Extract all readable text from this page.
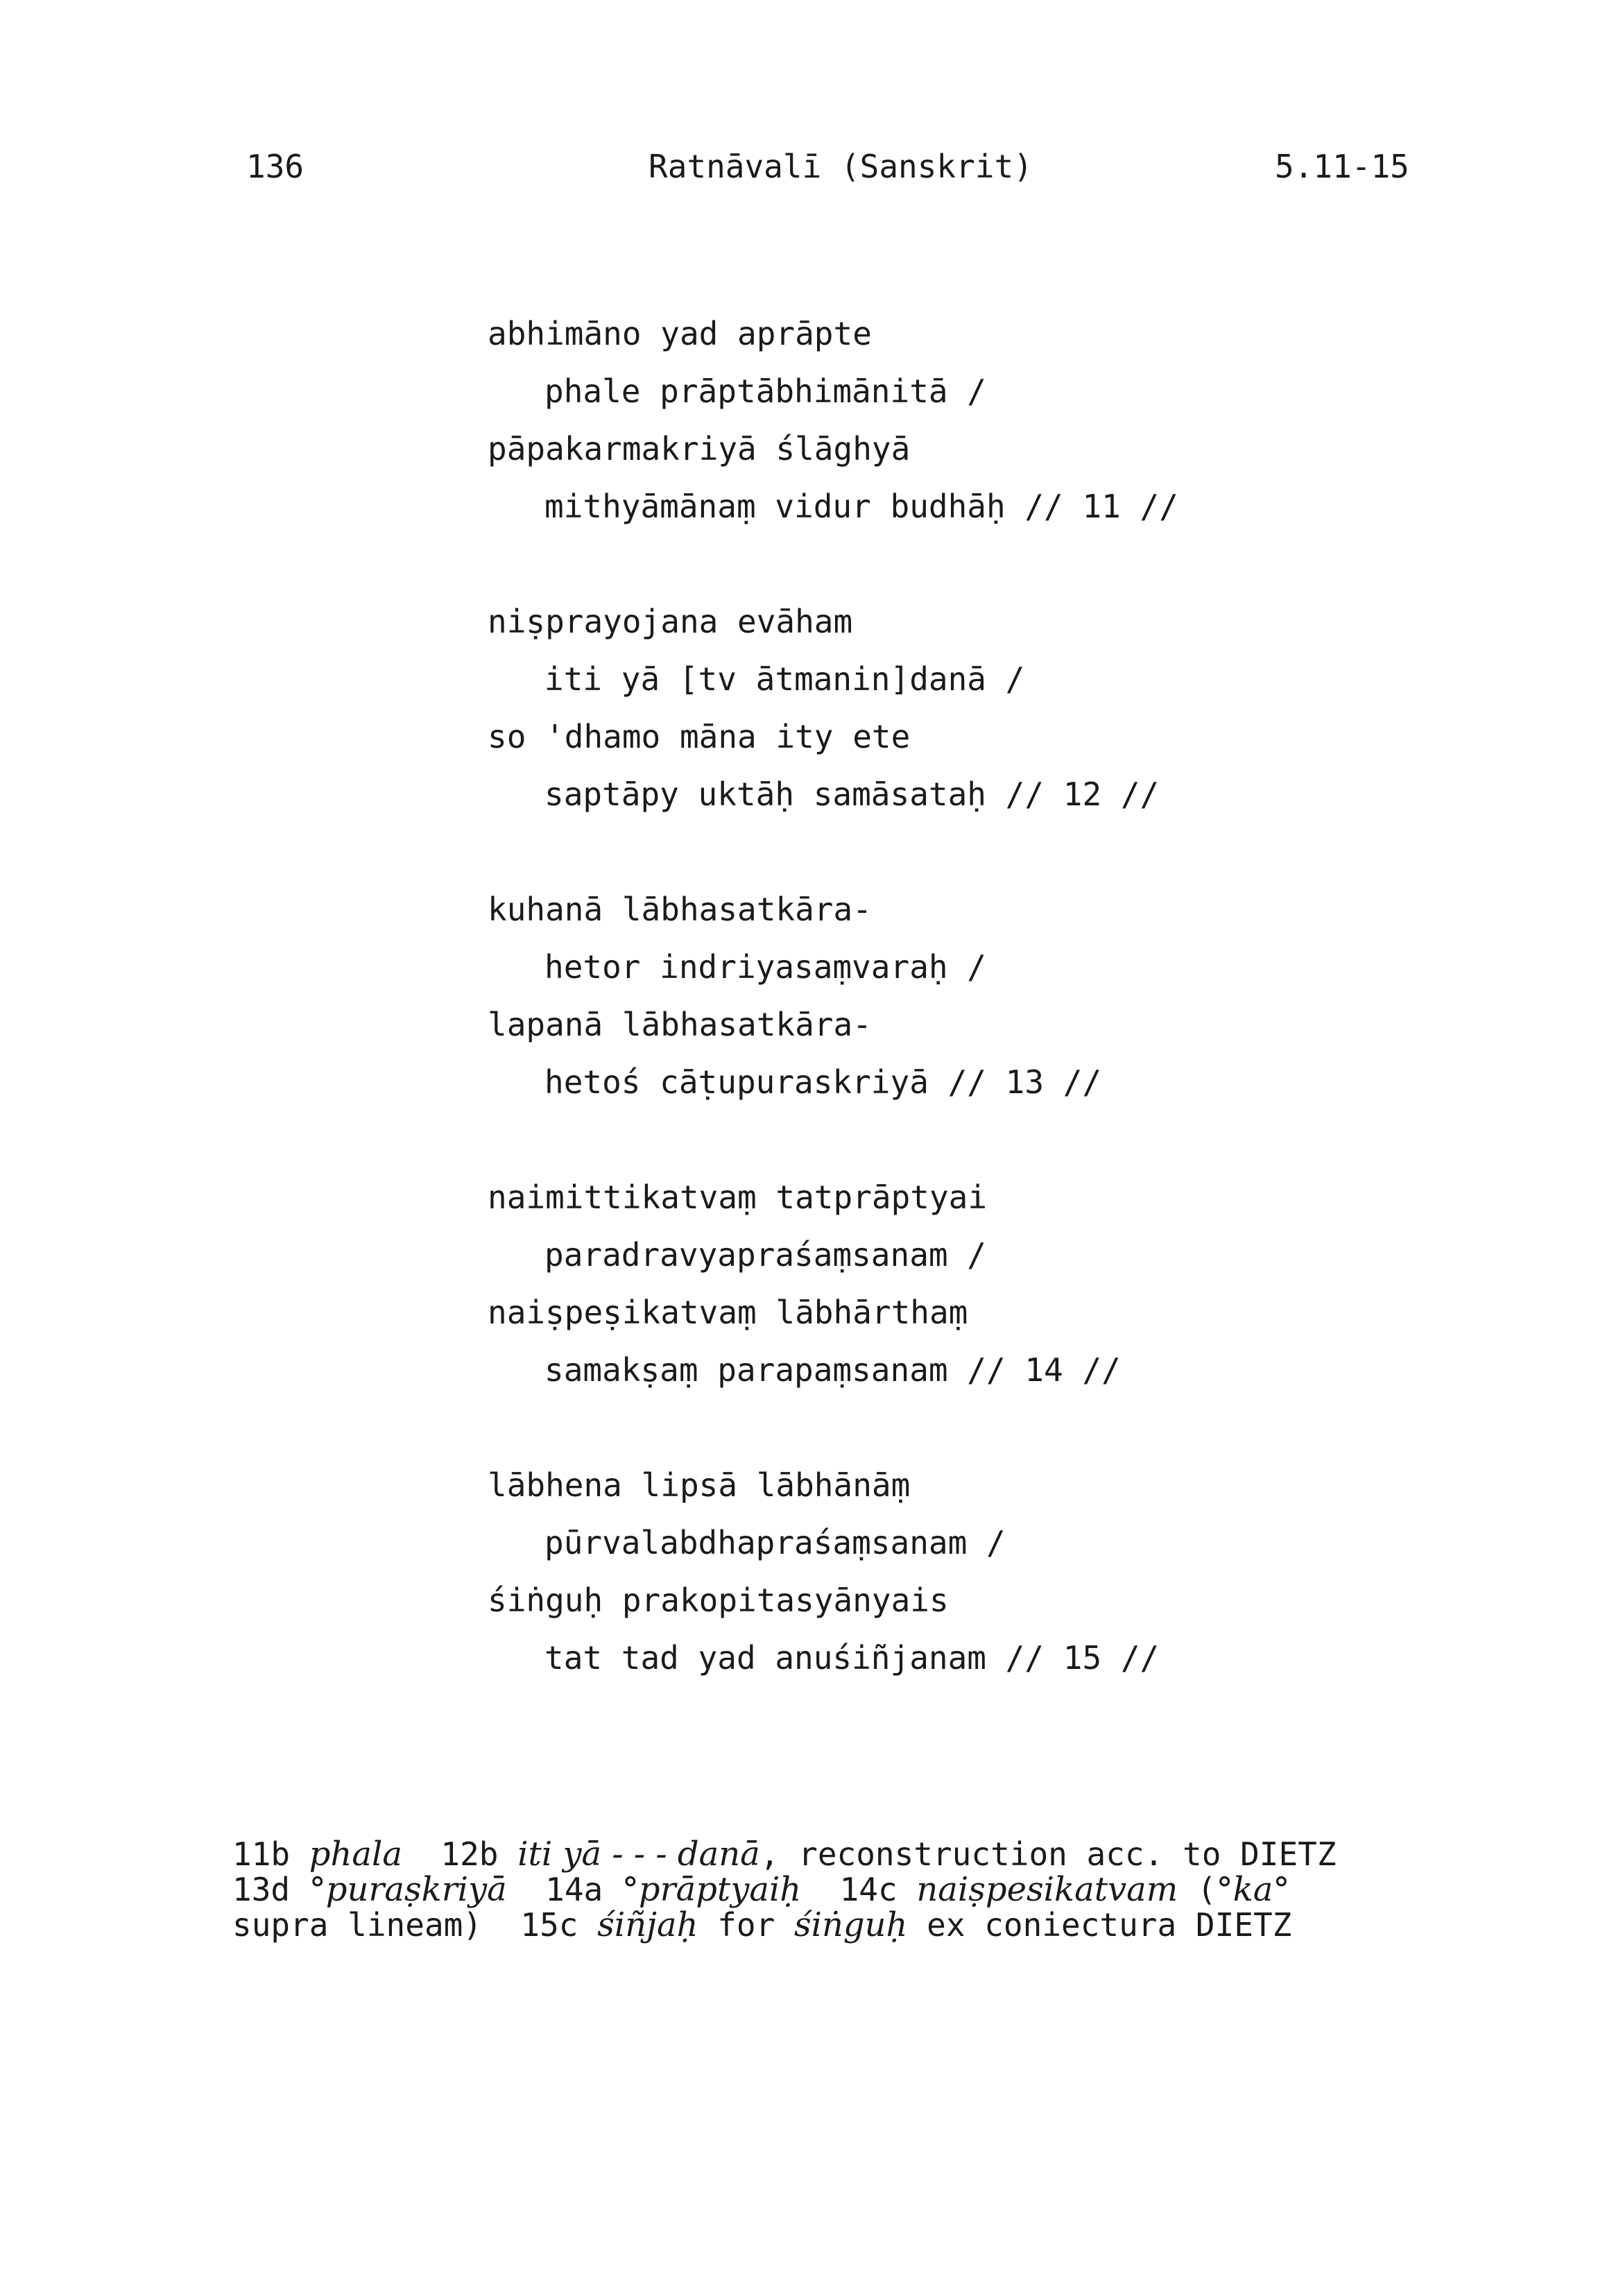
136	Ratnāvalī (Sanskrit)	5.11-15
abhimāno yad aprāpte
phale prāptābhimānitā /
pāpakarmakriyā ślāghyā
mithyāmānaṃ vidur budhāḥ // 11 //
niṣprayojana evāham
iti yā [tv ātmanin]danā /
so 'dhamo māna ity ete
saptāpy uktāḥ samāsataḥ // 12 //
kuhanā lābhasatkāra-
hetor indriyasaṃvaraḥ /
lapanā lābhasatkāra-
hetoś cāṭupuraskriyā // 13 //
naimittikatvaṃ tatprāptyai
paradravyapraśaṃsanam /
naiṣpeṣikatvaṃ lābhārthaṃ
samakṣaṃ parapaṃsanam // 14 //
lābhena lipsā lābhānāṃ
pūrvalabdhapraśaṃsanam /
śiṅguḥ prakopitasyānyais
tat tad yad anuśiñjanam // 15 //
11b phala  12b iti yā - - - danā, reconstruction acc. to DIETZ
13d °puraṣkriyā  14a °prāptyaiḥ  14c naiṣpesikatvam (°ka°
supra lineam)  15c śiñjaḥ for śiṅguḥ ex coniectura DIETZ
